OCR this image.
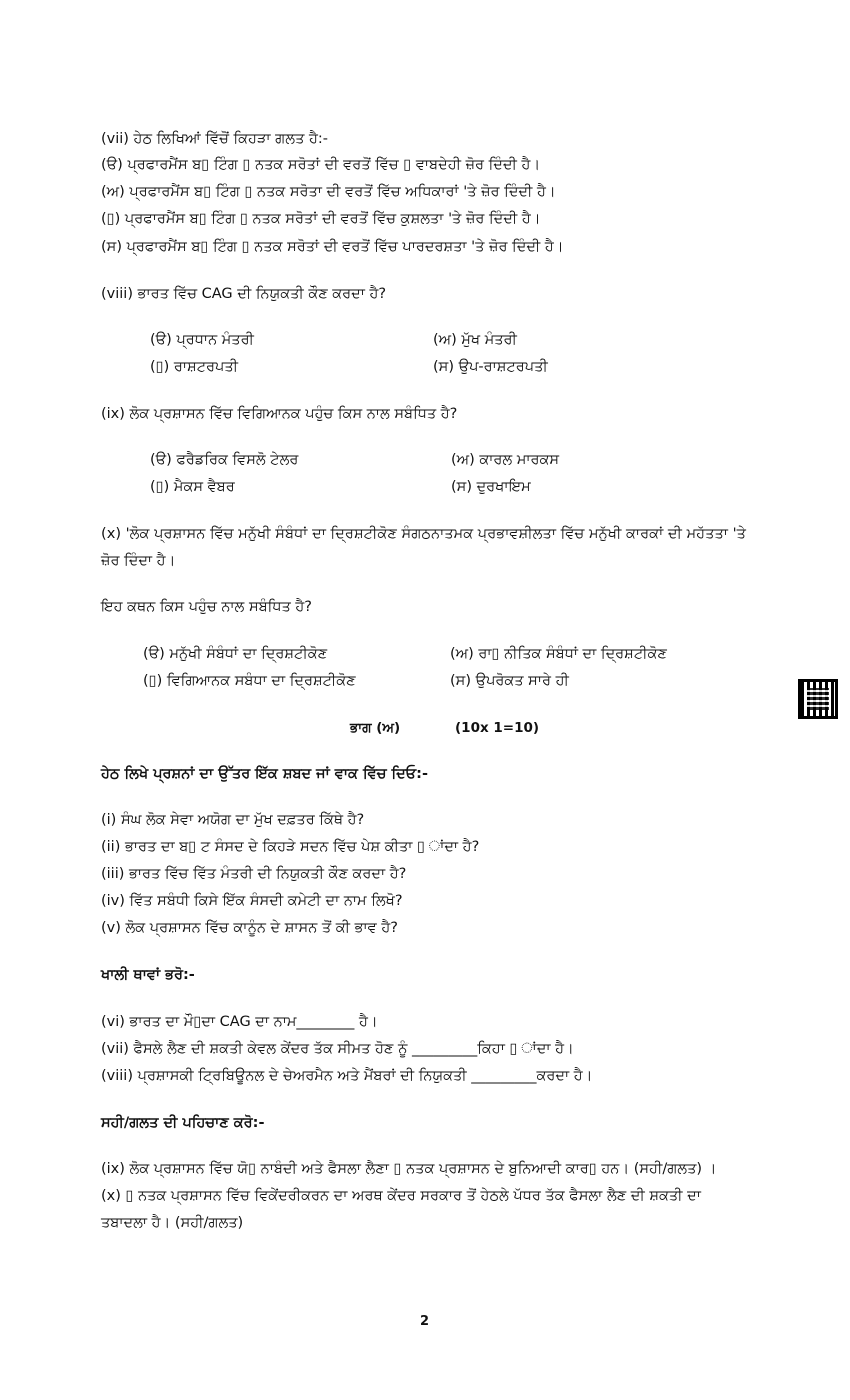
(vii) ਹੇਠ ਲਿਖਿਆਂ ਵਿੱਚੋਂ ਕਿਹੜਾ ਗਲਤ ਹੈ:-
(ੳ) ਪ੍ਰਫਾਰਮੈਂਸ ਬ▯ ਟਿੰਗ ▯ ਨਤਕ ਸਰੋਤਾਂ ਦੀ ਵਰਤੋਂ ਵਿੱਚ ▯ ਵਾਬਦੇਹੀ ਜ਼ੋਰ ਦਿੰਦੀ ਹੈ।
(ਅ) ਪ੍ਰਫਾਰਮੈਂਸ ਬ▯ ਟਿੰਗ ▯ ਨਤਕ ਸਰੋਤਾ ਦੀ ਵਰਤੋਂ ਵਿੱਚ ਅਧਿਕਾਰਾਂ 'ਤੇ ਜ਼ੋਰ ਦਿੰਦੀ ਹੈ।
(▯) ਪ੍ਰਫਾਰਮੈਂਸ ਬ▯ ਟਿੰਗ ▯ ਨਤਕ ਸਰੋਤਾਂ ਦੀ ਵਰਤੋਂ ਵਿੱਚ ਕੁਸ਼ਲਤਾ 'ਤੇ ਜ਼ੋਰ ਦਿੰਦੀ ਹੈ।
(ਸ) ਪ੍ਰਫਾਰਮੈਂਸ ਬ▯ ਟਿੰਗ ▯ ਨਤਕ ਸਰੋਤਾਂ ਦੀ ਵਰਤੋਂ ਵਿੱਚ ਪਾਰਦਰਸ਼ਤਾ 'ਤੇ ਜ਼ੋਰ ਦਿੰਦੀ ਹੈ।
(viii) ਭਾਰਤ ਵਿੱਚ CAG ਦੀ ਨਿਯੁਕਤੀ ਕੌਣ ਕਰਦਾ ਹੈ?
(ੳ) ਪ੍ਰਧਾਨ ਮੰਤਰੀ	(ਅ) ਮੁੱਖ ਮੰਤਰੀ
(▯) ਰਾਸ਼ਟਰਪਤੀ	(ਸ) ਉਪ-ਰਾਸ਼ਟਰਪਤੀ
(ix) ਲੋਕ ਪ੍ਰਸ਼ਾਸਨ ਵਿੱਚ ਵਿਗਿਆਨਕ ਪਹੁੰਚ ਕਿਸ ਨਾਲ ਸਬੰਧਿਤ ਹੈ?
(ੳ) ਫਰੈਡਰਿਕ ਵਿਸਲੋ ਟੇਲਰ	(ਅ) ਕਾਰਲ ਮਾਰਕਸ
(▯) ਮੈਕਸ ਵੈਬਰ	(ਸ) ਦੁਰਖਾਇਮ
(x) 'ਲੋਕ ਪ੍ਰਸ਼ਾਸਨ ਵਿੱਚ ਮਨੁੱਖੀ ਸੰਬੰਧਾਂ ਦਾ ਦ੍ਰਿਸ਼ਟੀਕੋਣ ਸੰਗਠਨਾਤਮਕ ਪ੍ਰਭਾਵਸ਼ੀਲਤਾ ਵਿੱਚ ਮਨੁੱਖੀ ਕਾਰਕਾਂ ਦੀ ਮਹੱਤਤਾ 'ਤੇ
ਜ਼ੋਰ ਦਿੰਦਾ ਹੈ।
ਇਹ ਕਥਨ ਕਿਸ ਪਹੁੰਚ ਨਾਲ ਸਬੰਧਿਤ ਹੈ?
(ੳ) ਮਨੁੱਖੀ ਸੰਬੰਧਾਂ ਦਾ ਦ੍ਰਿਸ਼ਟੀਕੋਣ	(ਅ) ਰਾ▯ ਨੀਤਿਕ ਸੰਬੰਧਾਂ ਦਾ ਦ੍ਰਿਸ਼ਟੀਕੋਣ
(▯) ਵਿਗਿਆਨਕ ਸਬੰਧਾ ਦਾ ਦ੍ਰਿਸ਼ਟੀਕੋਣ	(ਸ) ਉਪਰੋਕਤ ਸਾਰੇ ਹੀ
ਭਾਗ (ਅ)	(10x 1=10)
ਹੇਠ ਲਿਖੇ ਪ੍ਰਸ਼ਨਾਂ ਦਾ ਉੱਤਰ ਇੱਕ ਸ਼ਬਦ ਜਾਂ ਵਾਕ ਵਿੱਚ ਦਿਓ:-
(i) ਸੰਘ ਲੋਕ ਸੇਵਾ ਅਯੋਗ ਦਾ ਮੁੱਖ ਦਫ਼ਤਰ ਕਿੱਥੇ ਹੈ?
(ii) ਭਾਰਤ ਦਾ ਬ▯ ਟ ਸੰਸਦ ਦੇ ਕਿਹੜੇ ਸਦਨ ਵਿੱਚ ਪੇਸ਼ ਕੀਤਾ ▯ ਾਂਦਾ ਹੈ?
(iii) ਭਾਰਤ ਵਿੱਚ ਵਿੱਤ ਮੰਤਰੀ ਦੀ ਨਿਯੁਕਤੀ ਕੌਣ ਕਰਦਾ ਹੈ?
(iv) ਵਿੱਤ ਸਬੰਧੀ ਕਿਸੇ ਇੱਕ ਸੰਸਦੀ ਕਮੇਟੀ ਦਾ ਨਾਮ ਲਿਖੋ?
(v) ਲੋਕ ਪ੍ਰਸ਼ਾਸਨ ਵਿੱਚ ਕਾਨੂੰਨ ਦੇ ਸ਼ਾਸਨ ਤੋਂ ਕੀ ਭਾਵ ਹੈ?
ਖਾਲੀ ਥਾਵਾਂ ਭਰੋ:-
(vi) ਭਾਰਤ ਦਾ ਮੌ▯ਦਾ CAG ਦਾ ਨਾਮ________ ਹੈ।
(vii) ਫੈਸਲੇ ਲੈਣ ਦੀ ਸ਼ਕਤੀ ਕੇਵਲ ਕੇਂਦਰ ਤੱਕ ਸੀਮਤ ਹੋਣ ਨੂੰ _________ਕਿਹਾ ▯ ਾਂਦਾ ਹੈ।
(viii) ਪ੍ਰਸ਼ਾਸਕੀ ਟ੍ਰਿਬਿਊਨਲ ਦੇ ਚੇਅਰਮੈਨ ਅਤੇ ਮੈਂਬਰਾਂ ਦੀ ਨਿਯੁਕਤੀ _________ਕਰਦਾ ਹੈ।
ਸਹੀ/ਗਲਤ ਦੀ ਪਹਿਚਾਣ ਕਰੋ:-
(ix) ਲੋਕ ਪ੍ਰਸ਼ਾਸਨ ਵਿੱਚ ਯੋ▯ ਨਾਬੰਦੀ ਅਤੇ ਫੈਸਲਾ ਲੈਣਾ ▯ ਨਤਕ ਪ੍ਰਸ਼ਾਸਨ ਦੇ ਬੁਨਿਆਦੀ ਕਾਰ▯ ਹਨ। (ਸਹੀ/ਗਲਤ) ।
(x) ▯ ਨਤਕ ਪ੍ਰਸ਼ਾਸਨ ਵਿੱਚ ਵਿਕੇਂਦਰੀਕਰਨ ਦਾ ਅਰਥ ਕੇਂਦਰ ਸਰਕਾਰ ਤੋਂ ਹੇਠਲੇ ਪੱਧਰ ਤੱਕ ਫੈਸਲਾ ਲੈਣ ਦੀ ਸ਼ਕਤੀ ਦਾ
ਤਬਾਦਲਾ ਹੈ। (ਸਹੀ/ਗਲਤ)
2
